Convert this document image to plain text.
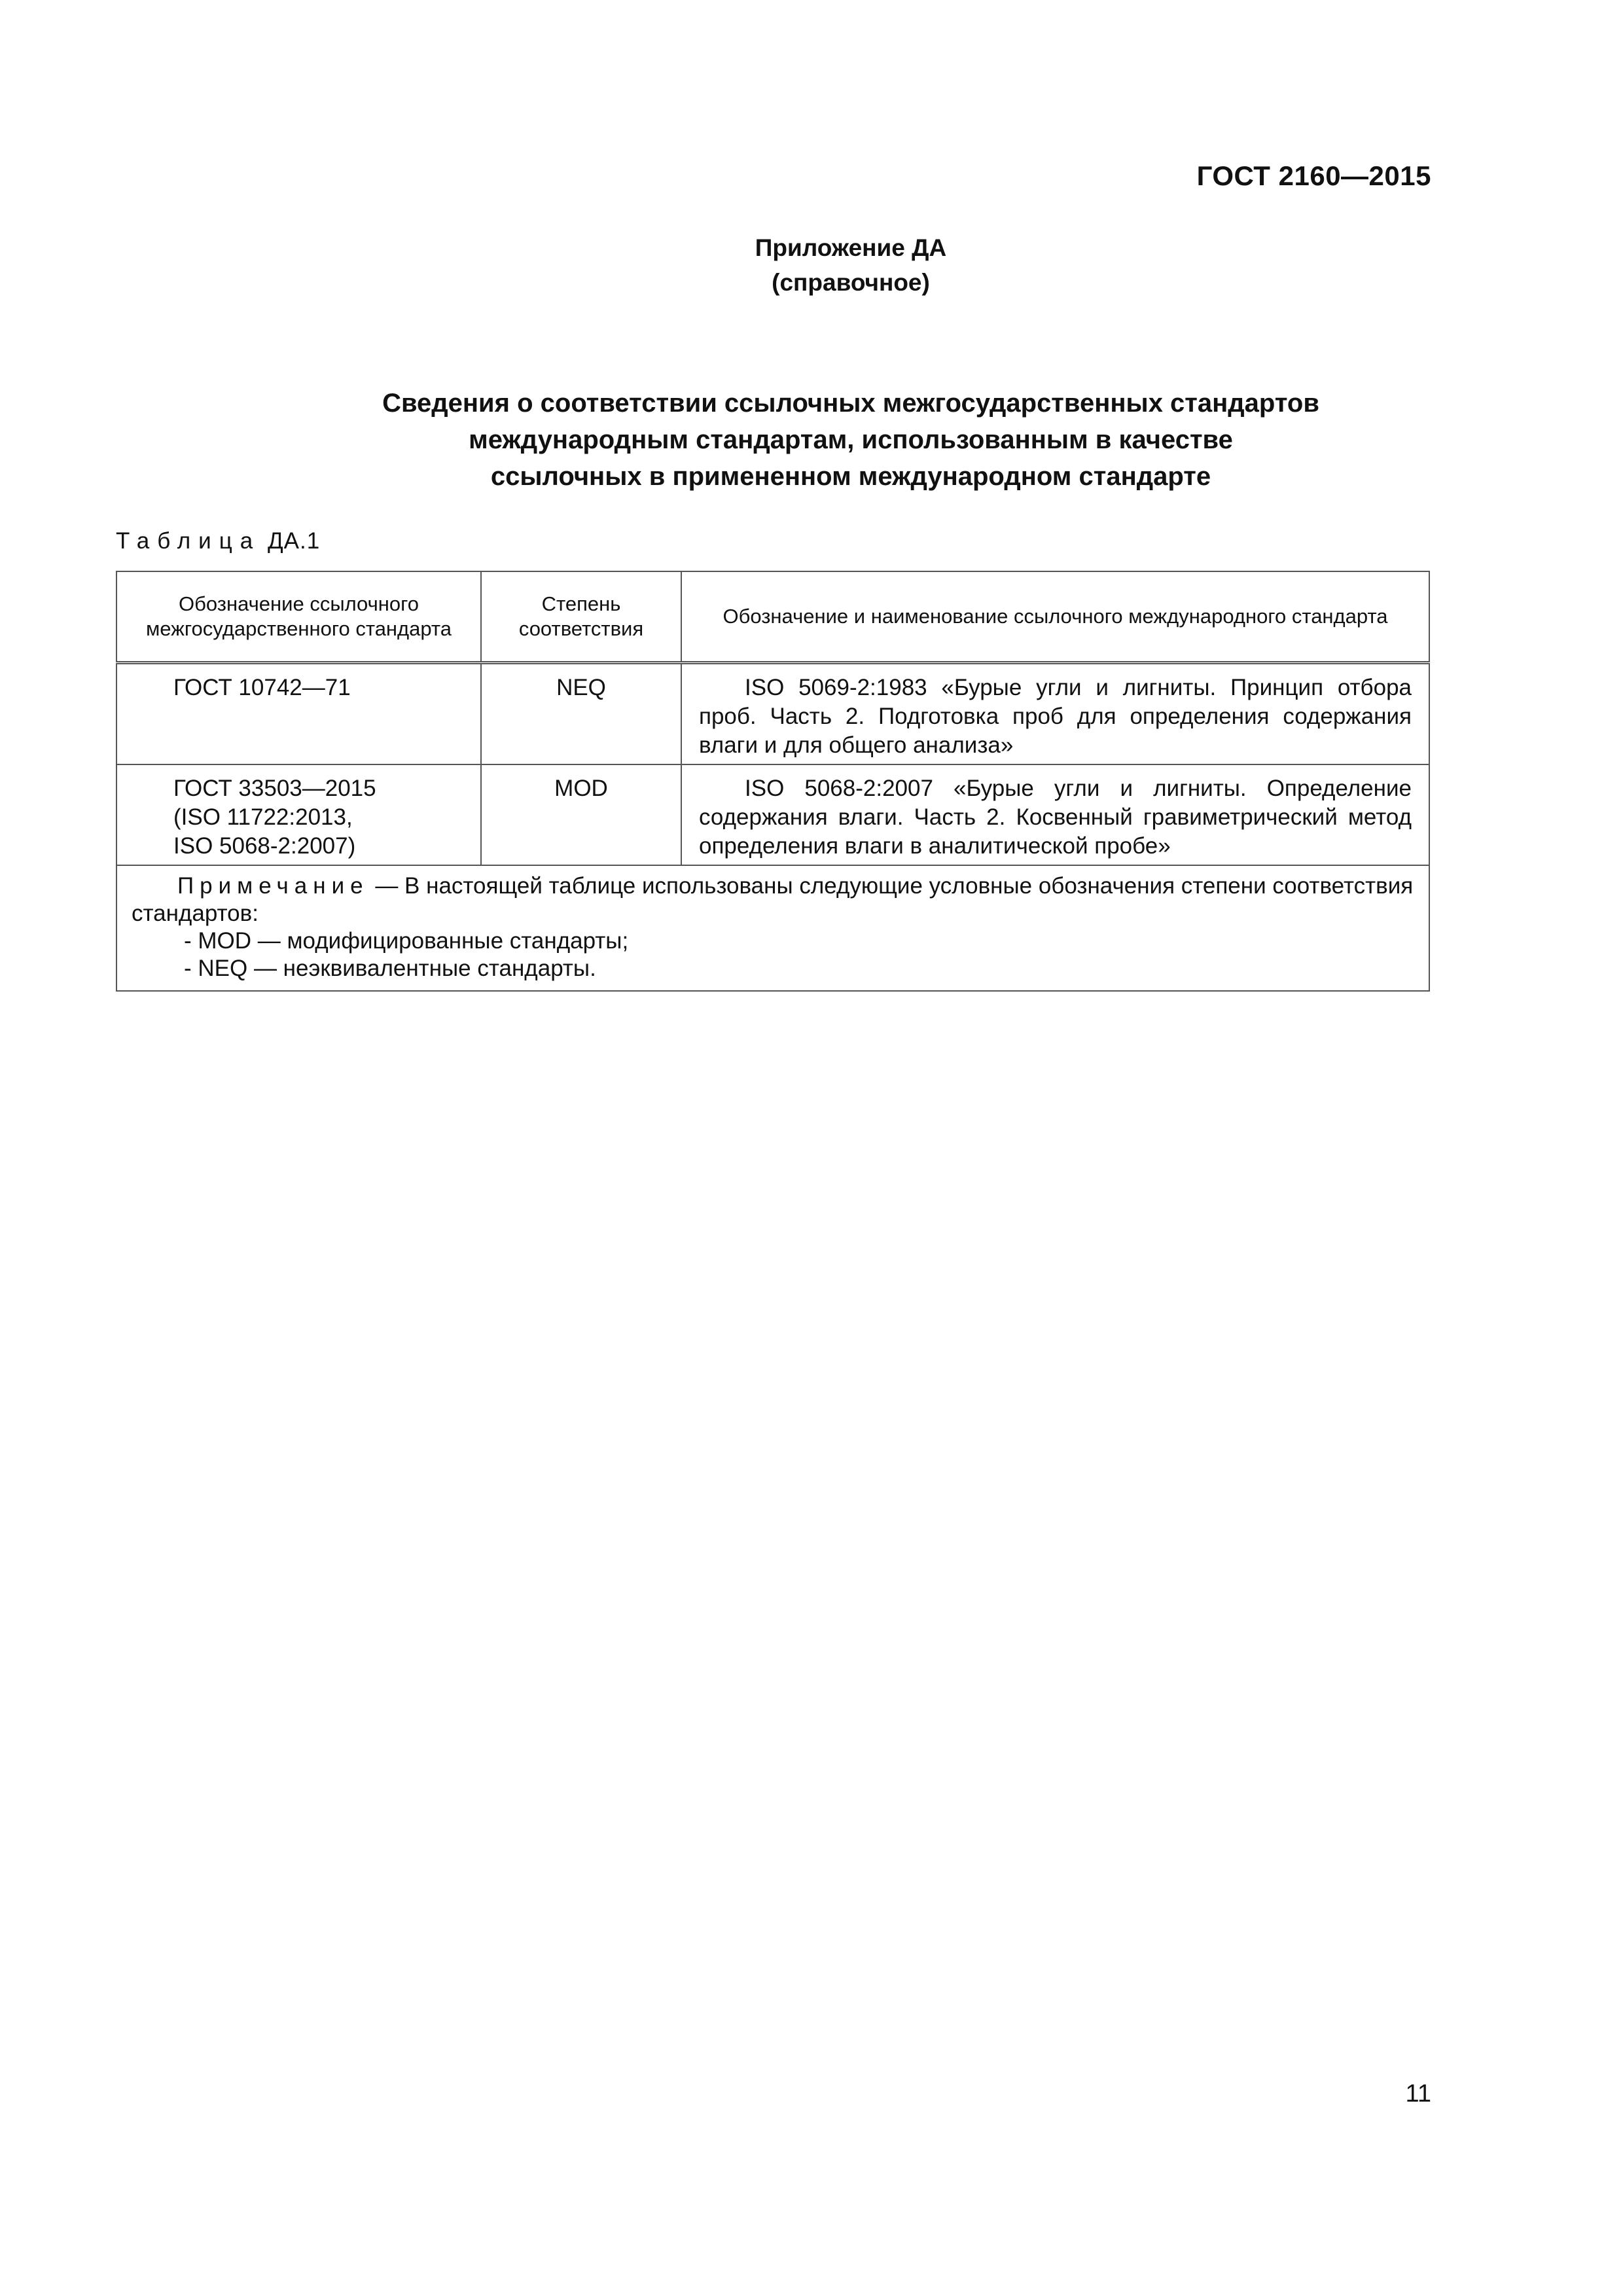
ГОСТ 2160—2015
Приложение ДА
(справочное)
Сведения о соответствии ссылочных межгосударственных стандартов
международным стандартам, использованным в качестве
ссылочных в примененном международном стандарте
Таблица ДА.1
Обозначение ссылочного межгосударственного стандарта	Степень соответствия	Обозначение и наименование ссылочного международного стандарта
ГОСТ 10742—71	NEQ	ISO 5069-2:1983 «Бурые угли и лигниты. Принцип отбора проб. Часть 2. Подготовка проб для определения содержания влаги и для общего анализа»

ГОСТ 33503—2015
(ISO 11722:2013,
ISO 5068-2:2007)	MOD	ISO 5068-2:2007 «Бурые угли и лигниты. Определение содержания влаги. Часть 2. Косвенный гравиметрический метод определения влаги в аналитической пробе»

Примечание — В настоящей таблице использованы следующие условные обозначения степени соответствия стандартов:
- MOD — модифицированные стандарты;
- NEQ — неэквивалентные стандарты.		
11
